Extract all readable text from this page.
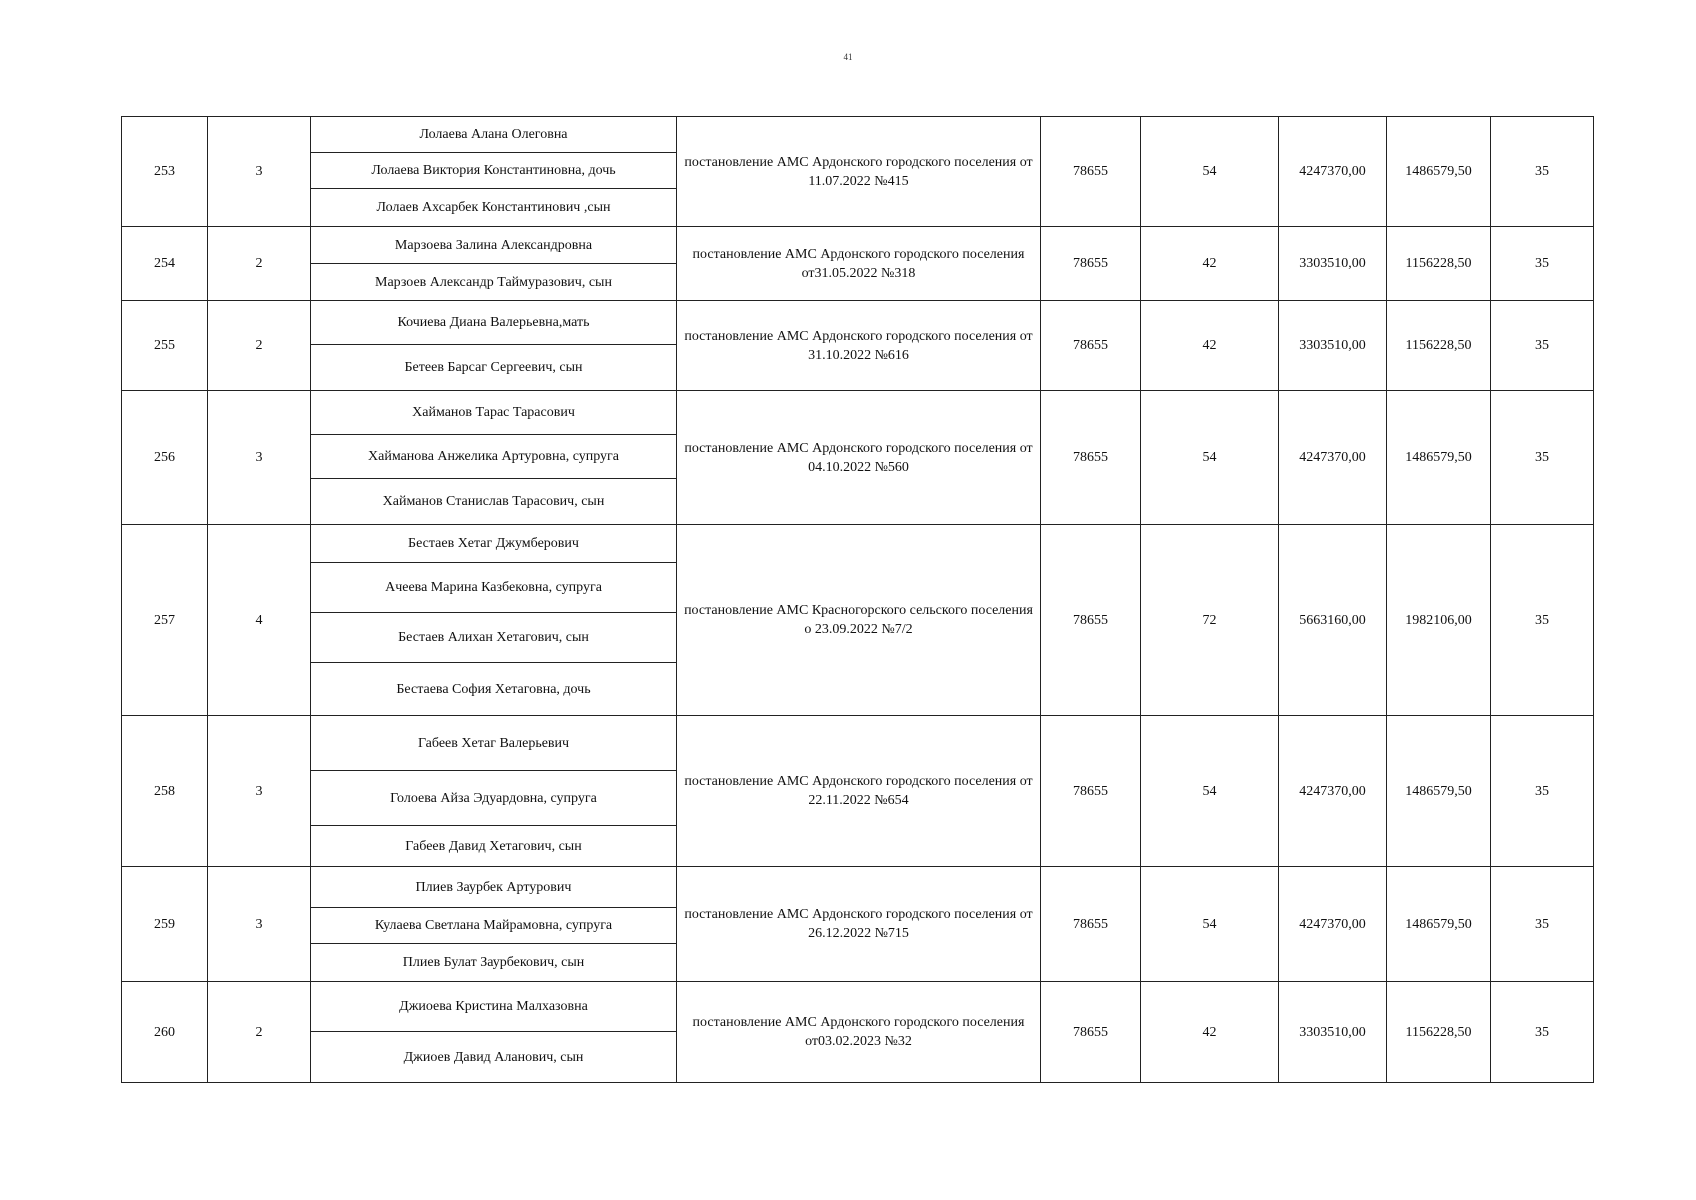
41
253	3	Лолаева Алана Олеговна	постановление АМС Ардонского городского поселения от 11.07.2022 №415	78655	54	4247370,00	1486579,50	35
		Лолаева Виктория Константиновна, дочь						
		Лолаев Ахсарбек Константинович ,сын						
254	2	Марзоева Залина Александровна	постановление АМС Ардонского городского поселения от31.05.2022 №318	78655	42	3303510,00	1156228,50	35
		Марзоев Александр Таймуразович, сын						
255	2	Кочиева Диана Валерьевна,мать	постановление АМС Ардонского городского поселения от 31.10.2022 №616	78655	42	3303510,00	1156228,50	35
		Бетеев Барсаг Сергеевич, сын						
256	3	Хайманов Тарас Тарасович	постановление АМС Ардонского городского поселения от 04.10.2022 №560	78655	54	4247370,00	1486579,50	35
		Хайманова Анжелика Артуровна, супруга						
		Хайманов Станислав Тарасович, сын						
257	4	Бестаев Хетаг Джумберович	постановление АМС Красногорского сельского поселения о 23.09.2022 №7/2	78655	72	5663160,00	1982106,00	35
		Ачеева Марина Казбековна, супруга						
		Бестаев Алихан Хетагович, сын						
		Бестаева София Хетаговна, дочь						
258	3	Габеев Хетаг Валерьевич	постановление АМС Ардонского городского поселения от 22.11.2022 №654	78655	54	4247370,00	1486579,50	35
		Голоева Айза Эдуардовна, супруга						
		Габеев Давид Хетагович, сын						
259	3	Плиев Заурбек Артурович	постановление АМС Ардонского городского поселения от 26.12.2022 №715	78655	54	4247370,00	1486579,50	35
		Кулаева Светлана Майрамовна, супруга						
		Плиев Булат Заурбекович, сын						
260	2	Джиоева Кристина Малхазовна	постановление АМС Ардонского городского поселения от03.02.2023 №32	78655	42	3303510,00	1156228,50	35
		Джиоев Давид Аланович, сын						
